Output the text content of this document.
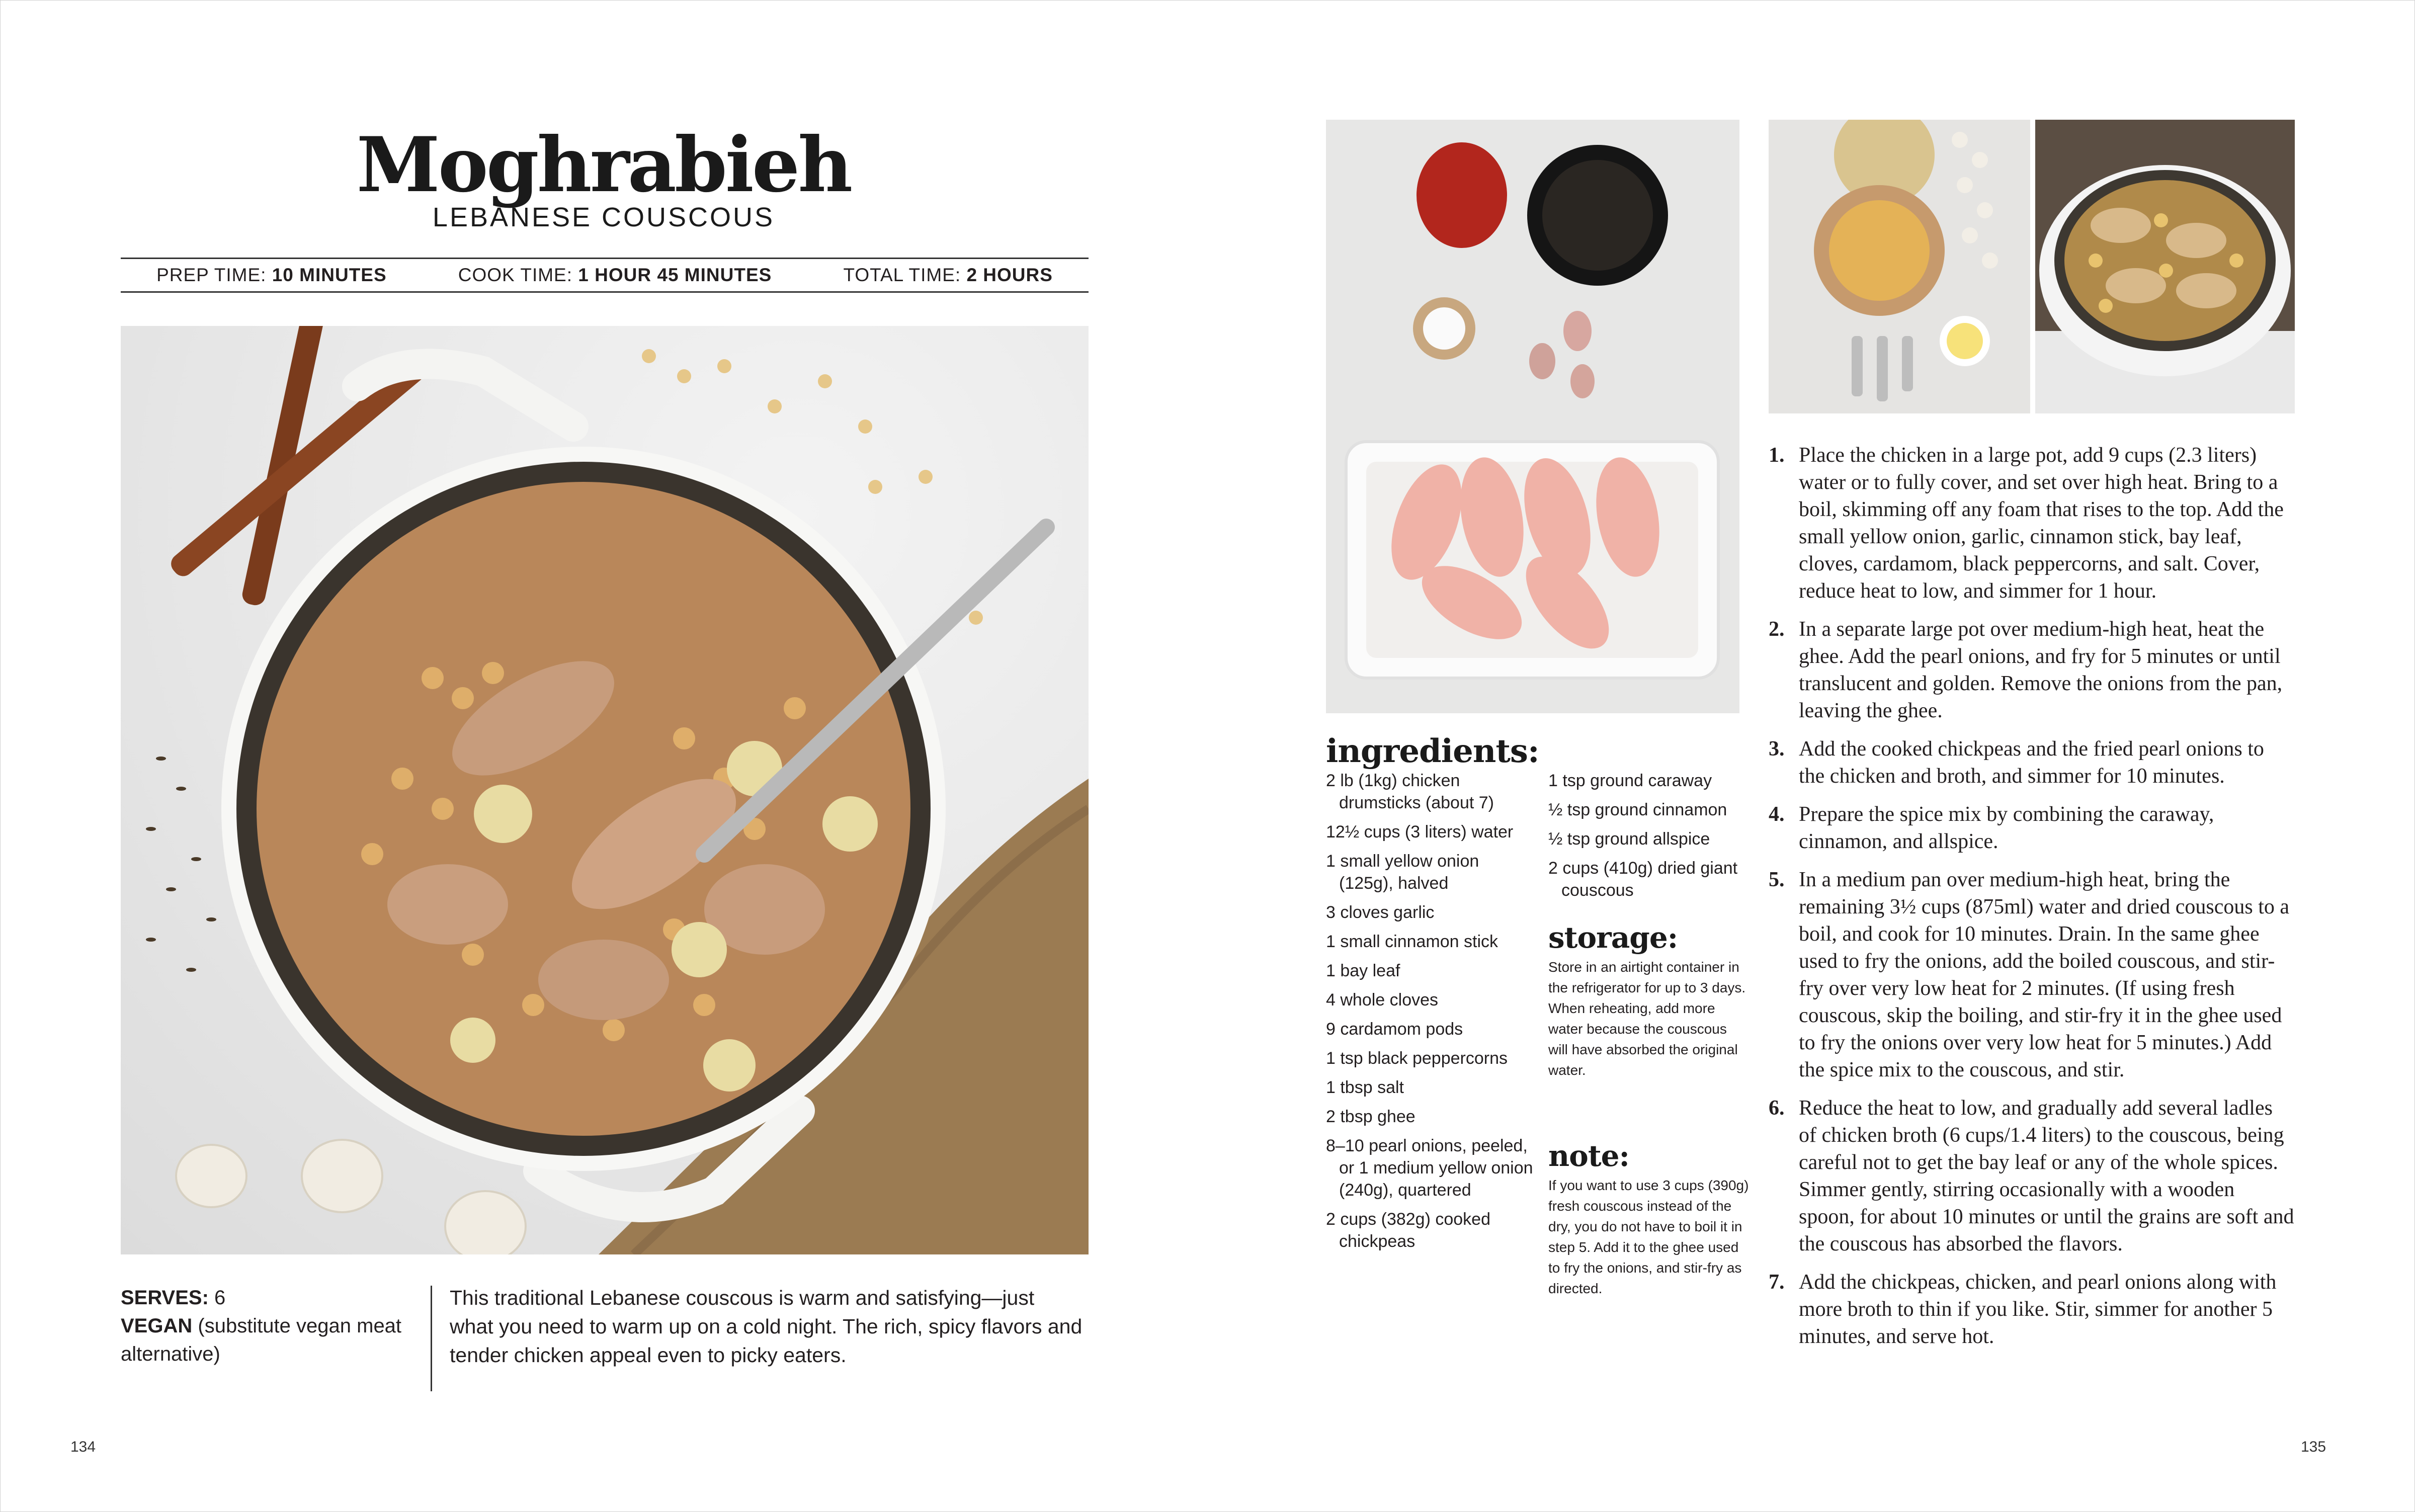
Moghrabieh
LEBANESE COUSCOUS
PREP TIME: 10 MINUTES	COOK TIME: 1 HOUR 45 MINUTES	TOTAL TIME: 2 HOURS
SERVES: 6
VEGAN (substitute vegan meat alternative)
This traditional Lebanese couscous is warm and satisfying—just what you need to warm up on a cold night. The rich, spicy flavors and tender chicken appeal even to picky eaters.
134
ingredients:
2 lb (1kg) chicken drumsticks (about 7)
12½ cups (3 liters) water
1 small yellow onion (125g), halved
3 cloves garlic
1 small cinnamon stick
1 bay leaf
4 whole cloves
9 cardamom pods
1 tsp black peppercorns
1 tbsp salt
2 tbsp ghee
8–10 pearl onions, peeled, or 1 medium yellow onion (240g), quartered
2 cups (382g) cooked chickpeas
1 tsp ground caraway
½ tsp ground cinnamon
½ tsp ground allspice
2 cups (410g) dried giant couscous
storage:
Store in an airtight container in the refrigerator for up to 3 days. When reheating, add more water because the couscous will have absorbed the original water.
note:
If you want to use 3 cups (390g) fresh couscous instead of the dry, you do not have to boil it in step 5. Add it to the ghee used to fry the onions, and stir-fry as directed.
1. Place the chicken in a large pot, add 9 cups (2.3 liters) water or to fully cover, and set over high heat. Bring to a boil, skimming off any foam that rises to the top. Add the small yellow onion, garlic, cinnamon stick, bay leaf, cloves, cardamom, black peppercorns, and salt. Cover, reduce heat to low, and simmer for 1 hour.
2. In a separate large pot over medium-high heat, heat the ghee. Add the pearl onions, and fry for 5 minutes or until translucent and golden. Remove the onions from the pan, leaving the ghee.
3. Add the cooked chickpeas and the fried pearl onions to the chicken and broth, and simmer for 10 minutes.
4. Prepare the spice mix by combining the caraway, cinnamon, and allspice.
5. In a medium pan over medium-high heat, bring the remaining 3½ cups (875ml) water and dried couscous to a boil, and cook for 10 minutes. Drain. In the same ghee used to fry the onions, add the boiled couscous, and stir-fry over very low heat for 2 minutes. (If using fresh couscous, skip the boiling, and stir-fry it in the ghee used to fry the onions over very low heat for 5 minutes.) Add the spice mix to the couscous, and stir.
6. Reduce the heat to low, and gradually add several ladles of chicken broth (6 cups/1.4 liters) to the couscous, being careful not to get the bay leaf or any of the whole spices. Simmer gently, stirring occasionally with a wooden spoon, for about 10 minutes or until the grains are soft and the couscous has absorbed the flavors.
7. Add the chickpeas, chicken, and pearl onions along with more broth to thin if you like. Stir, simmer for another 5 minutes, and serve hot.
135
